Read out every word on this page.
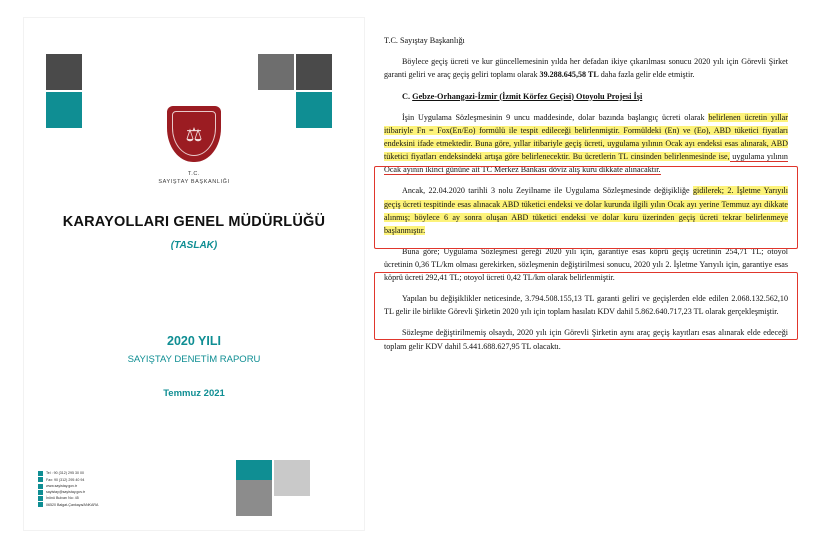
⚖
T.C.
SAYIŞTAY BAŞKANLIĞI
KARAYOLLARI GENEL MÜDÜRLÜĞÜ
(TASLAK)
2020 YILI
SAYIŞTAY DENETİM RAPORU
Temmuz 2021
Tel : 90 (312) 295 30 00
Fax: 90 (312) 295 40 94
www.sayistay.gov.tr
sayistay@sayistay.gov.tr
İnönü Bulvarı No: 45
06520 Balgat-Çankaya/ANKARA

T.C. Sayıştay Başkanlığı

Böylece geçiş ücreti ve kur güncellemesinin yılda her defadan ikiye çıkarılması sonucu 2020 yılı için Görevli Şirket garanti geliri ve araç geçiş geliri toplamı olarak 39.288.645,58 TL daha fazla gelir elde etmiştir.

C. Gebze-Orhangazi-İzmir (İzmit Körfez Geçisi) Otoyolu Projesi İşi

İşin Uygulama Sözleşmesinin 9 uncu maddesinde, dolar bazında başlangıç ücreti olarak belirlenen ücretin yıllar itibariyle Fn = Fox(En/Eo) formülü ile tespit edileceği belirlenmiştir. Formüldeki (En) ve (Eo), ABD tüketici fiyatları endeksini ifade etmektedir. Buna göre, yıllar itibariyle geçiş ücreti, uygulama yılının Ocak ayı endeksi esas alınarak, ABD tüketici fiyatları endeksindeki artışa göre belirlenecektir. Bu ücretlerin TL cinsinden belirlenmesinde ise, uygulama yılının Ocak ayının ikinci gününe ait TC Merkez Bankası döviz alış kuru dikkate alınacaktır.

Ancak, 22.04.2020 tarihli 3 nolu Zeyilname ile Uygulama Sözleşmesinde değişikliğe gidilerek; 2. İşletme Yarıyılı geçiş ücreti tespitinde esas alınacak ABD tüketici endeksi ve dolar kurunda ilgili yılın Ocak ayı yerine Temmuz ayı dikkate alınmış; böylece 6 ay sonra oluşan ABD tüketici endeksi ve dolar kuru üzerinden geçiş ücreti tekrar belirlenmeye başlanmıştır.

Buna göre; Uygulama Sözleşmesi gereği 2020 yılı için, garantiye esas köprü geçiş ücretinin 254,71 TL; otoyol ücretinin 0,36 TL/km olması gerekirken, sözleşmenin değiştirilmesi sonucu, 2020 yılı 2. İşletme Yarıyılı için, garantiye esas köprü ücreti 292,41 TL; otoyol ücreti 0,42 TL/km olarak belirlenmiştir.

Yapılan bu değişiklikler neticesinde, 3.794.508.155,13 TL garanti geliri ve geçişlerden elde edilen 2.068.132.562,10 TL gelir ile birlikte Görevli Şirketin 2020 yılı için toplam hasılatı KDV dahil 5.862.640.717,23 TL olarak gerçekleşmiştir.

Sözleşme değiştirilmemiş olsaydı, 2020 yılı için Görevli Şirketin aynı araç geçiş kayıtları esas alınarak elde edeceği toplam gelir KDV dahil 5.441.688.627,95 TL olacaktı.
